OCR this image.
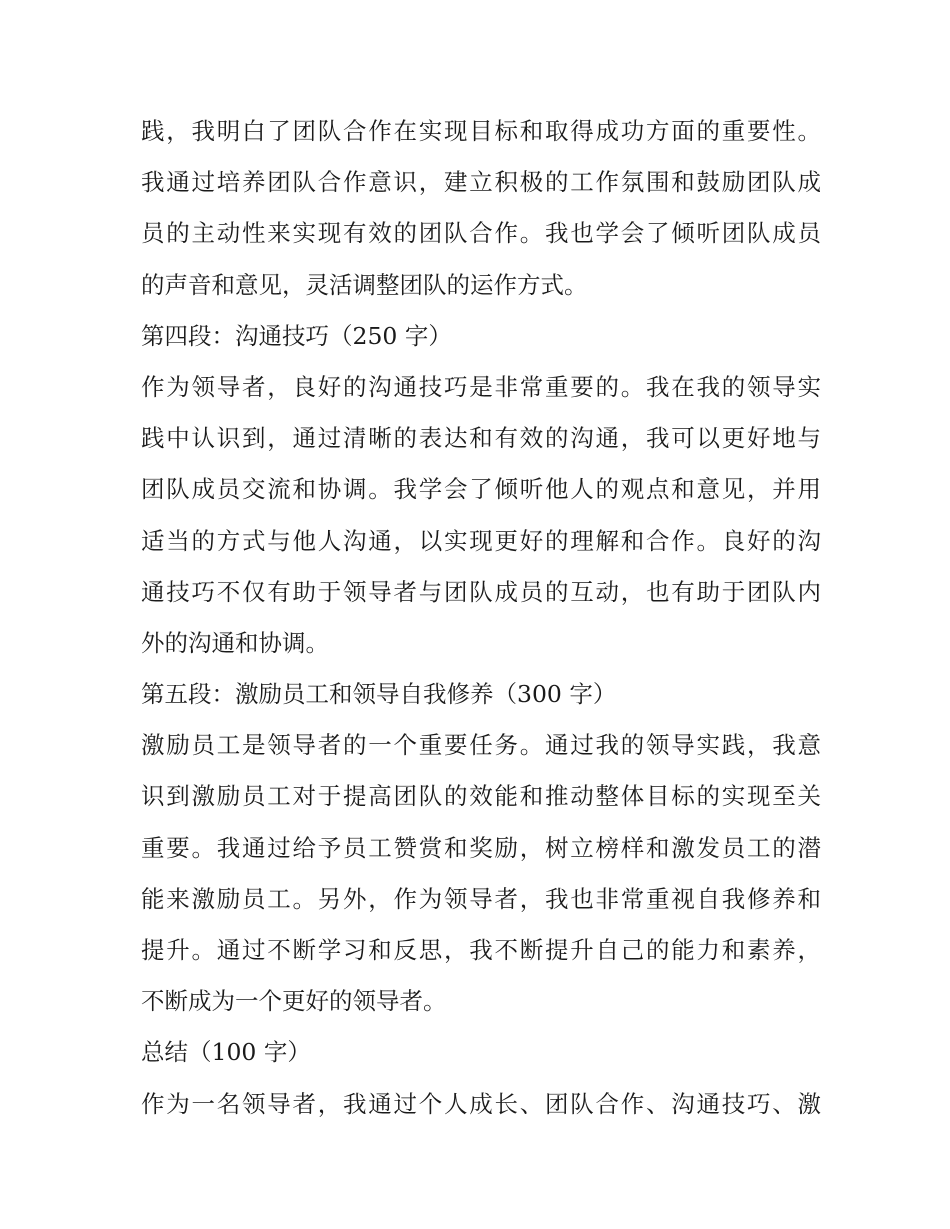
践，我明白了团队合作在实现目标和取得成功方面的重要性。
我通过培养团队合作意识，建立积极的工作氛围和鼓励团队成
员的主动性来实现有效的团队合作。我也学会了倾听团队成员
的声音和意见，灵活调整团队的运作方式。
第四段：沟通技巧（250 字）
作为领导者，良好的沟通技巧是非常重要的。我在我的领导实
践中认识到，通过清晰的表达和有效的沟通，我可以更好地与
团队成员交流和协调。我学会了倾听他人的观点和意见，并用
适当的方式与他人沟通，以实现更好的理解和合作。良好的沟
通技巧不仅有助于领导者与团队成员的互动，也有助于团队内
外的沟通和协调。
第五段：激励员工和领导自我修养（300 字）
激励员工是领导者的一个重要任务。通过我的领导实践，我意
识到激励员工对于提高团队的效能和推动整体目标的实现至关
重要。我通过给予员工赞赏和奖励，树立榜样和激发员工的潜
能来激励员工。另外，作为领导者，我也非常重视自我修养和
提升。通过不断学习和反思，我不断提升自己的能力和素养，
不断成为一个更好的领导者。
总结（100 字）
作为一名领导者，我通过个人成长、团队合作、沟通技巧、激
